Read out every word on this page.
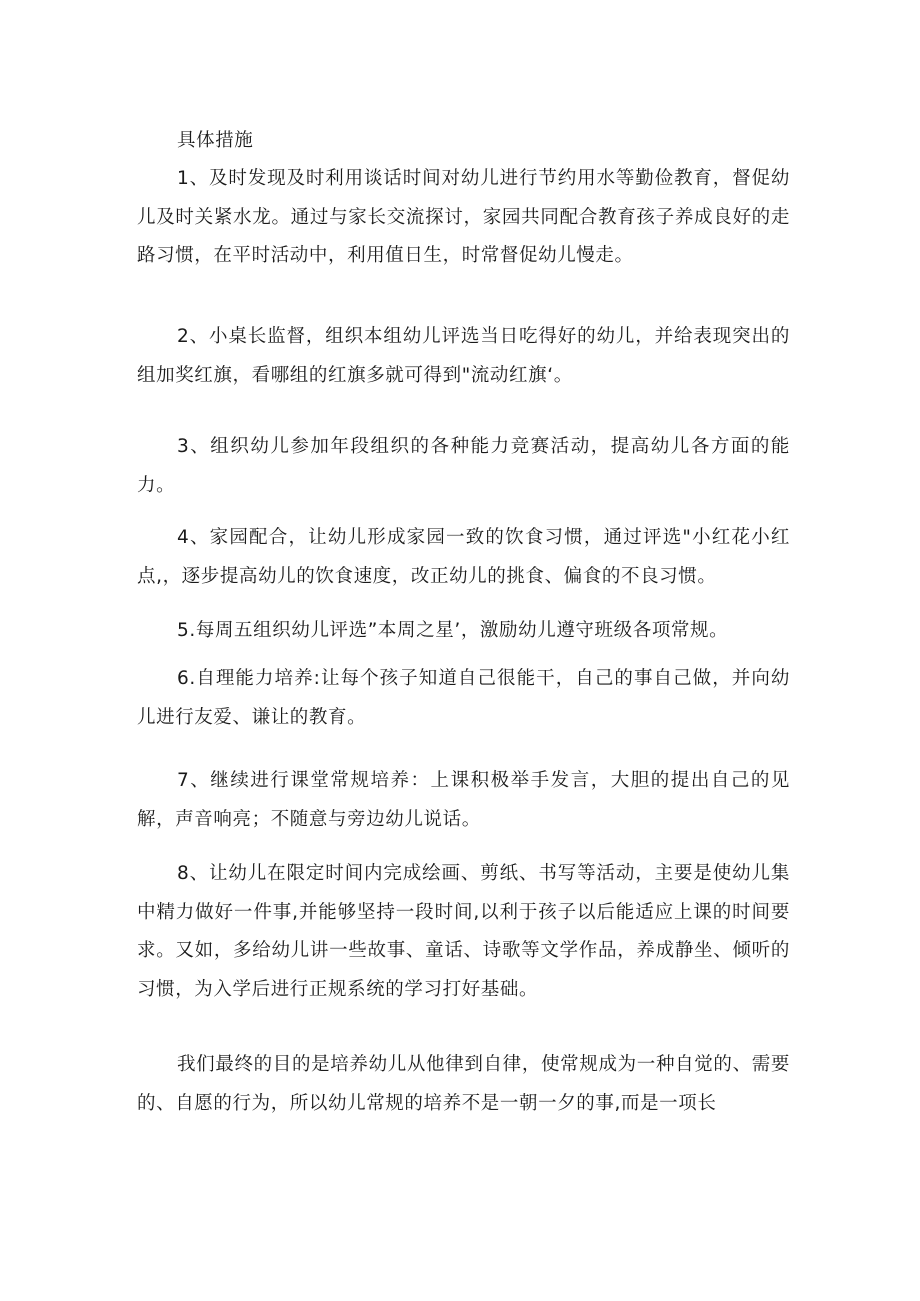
具体措施

1、及时发现及时利用谈话时间对幼儿进行节约用水等勤俭教育，督促幼儿及时关紧水龙。通过与家长交流探讨，家园共同配合教育孩子养成良好的走路习惯，在平时活动中，利用值日生，时常督促幼儿慢走。

2、小桌长监督，组织本组幼儿评选当日吃得好的幼儿，并给表现突出的组加奖红旗，看哪组的红旗多就可得到"流动红旗‘。

3、组织幼儿参加年段组织的各种能力竞赛活动，提高幼儿各方面的能力。

4、家园配合，让幼儿形成家园一致的饮食习惯，通过评选"小红花小红点,，逐步提高幼儿的饮食速度，改正幼儿的挑食、偏食的不良习惯。

5.每周五组织幼儿评选”本周之星’，激励幼儿遵守班级各项常规。

6.自理能力培养:让每个孩子知道自己很能干，自己的事自己做，并向幼儿进行友爱、谦让的教育。

7、继续进行课堂常规培养：上课积极举手发言，大胆的提出自己的见解，声音响亮；不随意与旁边幼儿说话。

8、让幼儿在限定时间内完成绘画、剪纸、书写等活动，主要是使幼儿集中精力做好一件事,并能够坚持一段时间,以利于孩子以后能适应上课的时间要求。又如，多给幼儿讲一些故事、童话、诗歌等文学作品，养成静坐、倾听的习惯，为入学后进行正规系统的学习打好基础。

我们最终的目的是培养幼儿从他律到自律，使常规成为一种自觉的、需要的、自愿的行为，所以幼儿常规的培养不是一朝一夕的事,而是一项长
